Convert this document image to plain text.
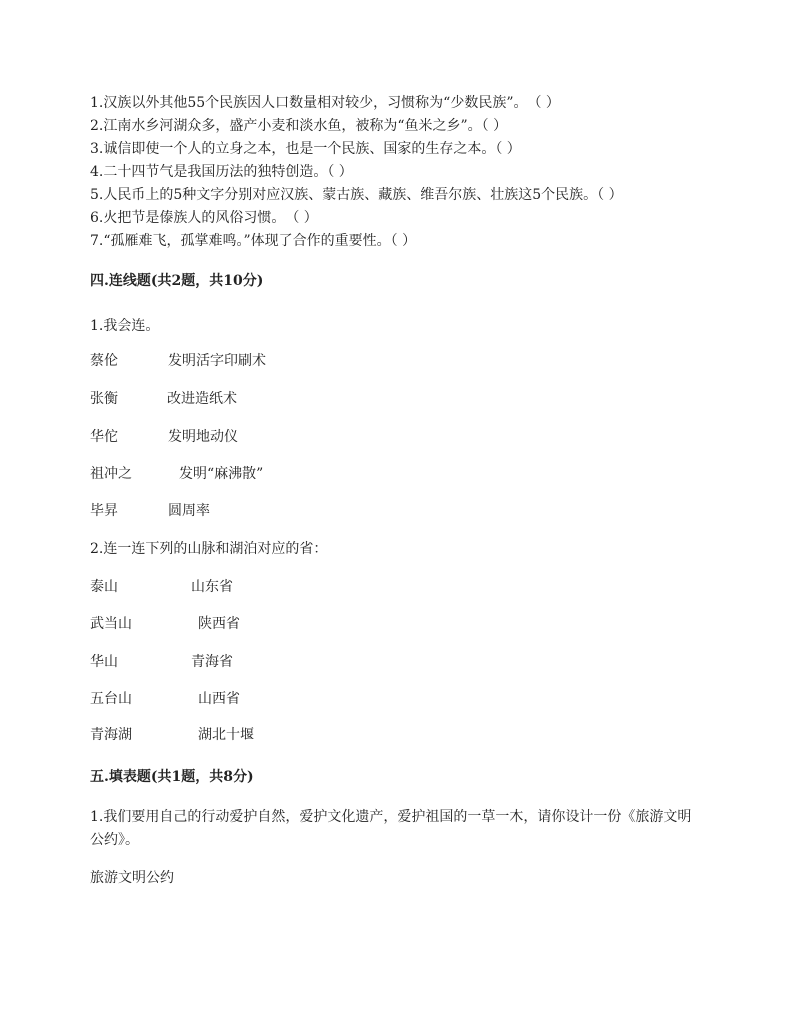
1.汉族以外其他55个民族因人口数量相对较少，习惯称为“少数民族”。　（ ）
2.江南水乡河湖众多，盛产小麦和淡水鱼，被称为“鱼米之乡”。（ ）
3.诚信即使一个人的立身之本，也是一个民族、国家的生存之本。（ ）
4.二十四节气是我国历法的独特创造。（ ）
5.人民币上的5种文字分别对应汉族、蒙古族、藏族、维吾尔族、壮族这5个民族。（ ）
6.火把节是傣族人的风俗习惯。　（ ）
7.“孤雁难飞，孤掌难鸣。”体现了合作的重要性。（ ）
四.连线题(共2题，共10分)
1.我会连。
蔡伦	发明活字印刷术
张衡	改进造纸术
华佗	发明地动仪
祖冲之	发明“麻沸散”
毕昇	圆周率
2.连一连下列的山脉和湖泊对应的省：
泰山	山东省
武当山	陕西省
华山	青海省
五台山	山西省
青海湖	湖北十堰
五.填表题(共1题，共8分)
1.我们要用自己的行动爱护自然，爱护文化遗产，爱护祖国的一草一木，请你设计一份《旅游文明公约》。
旅游文明公约
